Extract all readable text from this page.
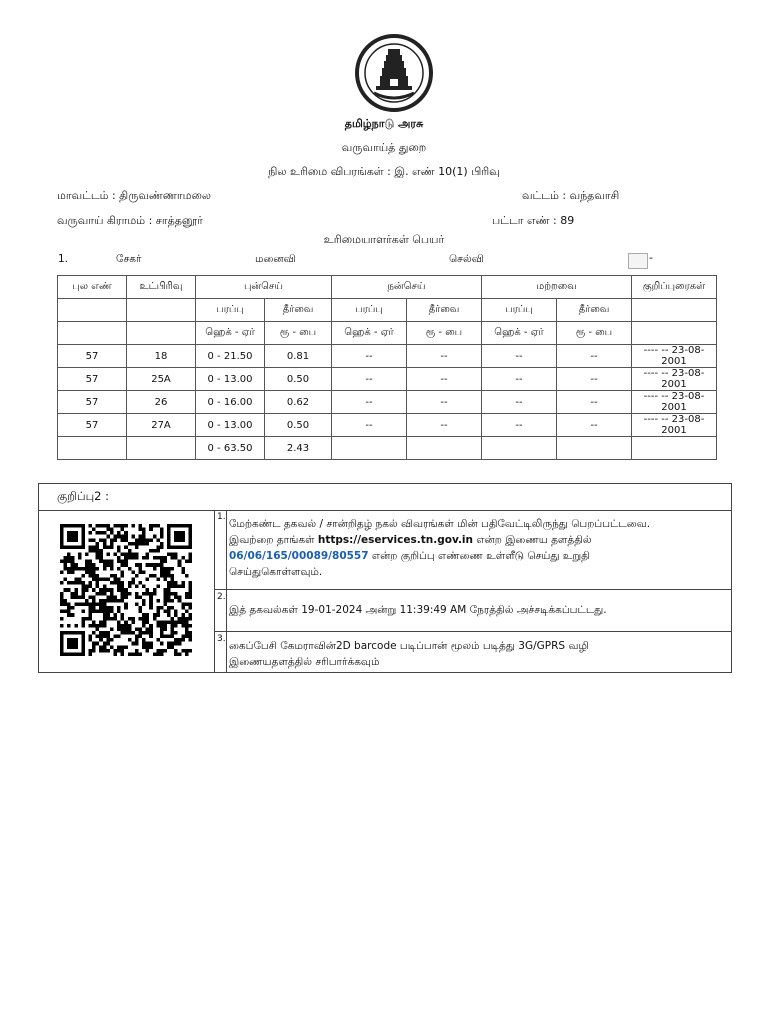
தமிழ்நாடு அரசு
வருவாய்த் துறை
நில உரிமை விபரங்கள் : இ. எண் 10(1) பிரிவு
மாவட்டம் : திருவண்ணாமலை	வட்டம் : வந்தவாசி
வருவாய் கிராமம் : சாத்தனூர்	பட்டா எண் : 89
உரிமையாளர்கள் பெயர்
1.	சேகர்	மனைவி	செல்வி
-
புல எண்	உட்பிரிவு	புன்செய்		நன்செய்		மற்றவை		குறிப்புரைகள்
		பரப்பு	தீர்வை	பரப்பு	தீர்வை	பரப்பு	தீர்வை	
		ஹெக் - ஏர்	ரூ - பை	ஹெக் - ஏர்	ரூ - பை	ஹெக் - ஏர்	ரூ - பை	
57	18	0 - 21.50	0.81	--	--	--	--	---- -- 23-08-2001
57	25A	0 - 13.00	0.50	--	--	--	--	---- -- 23-08-2001
57	26	0 - 16.00	0.62	--	--	--	--	---- -- 23-08-2001
57	27A	0 - 13.00	0.50	--	--	--	--	---- -- 23-08-2001
		0 - 63.50	2.43					
குறிப்பு2 :
1.
மேற்கண்ட தகவல் / சான்றிதழ் நகல் விவரங்கள் மின் பதிவேட்டிலிருந்து பெறப்பட்டவை.
இவற்றை தாங்கள் https://eservices.tn.gov.in என்ற இணைய தளத்தில்
06/06/165/00089/80557 என்ற குறிப்பு எண்ணை உள்ளீடு செய்து உறுதி
செய்துகொள்ளவும்.
2.
இத் தகவல்கள் 19-01-2024 அன்று 11:39:49 AM நேரத்தில் அச்சடிக்கப்பட்டது.
3.
கைப்பேசி கேமராவின்2D barcode படிப்பான் மூலம் படித்து 3G/GPRS வழி
இணையதளத்தில் சரிபார்க்கவும்
